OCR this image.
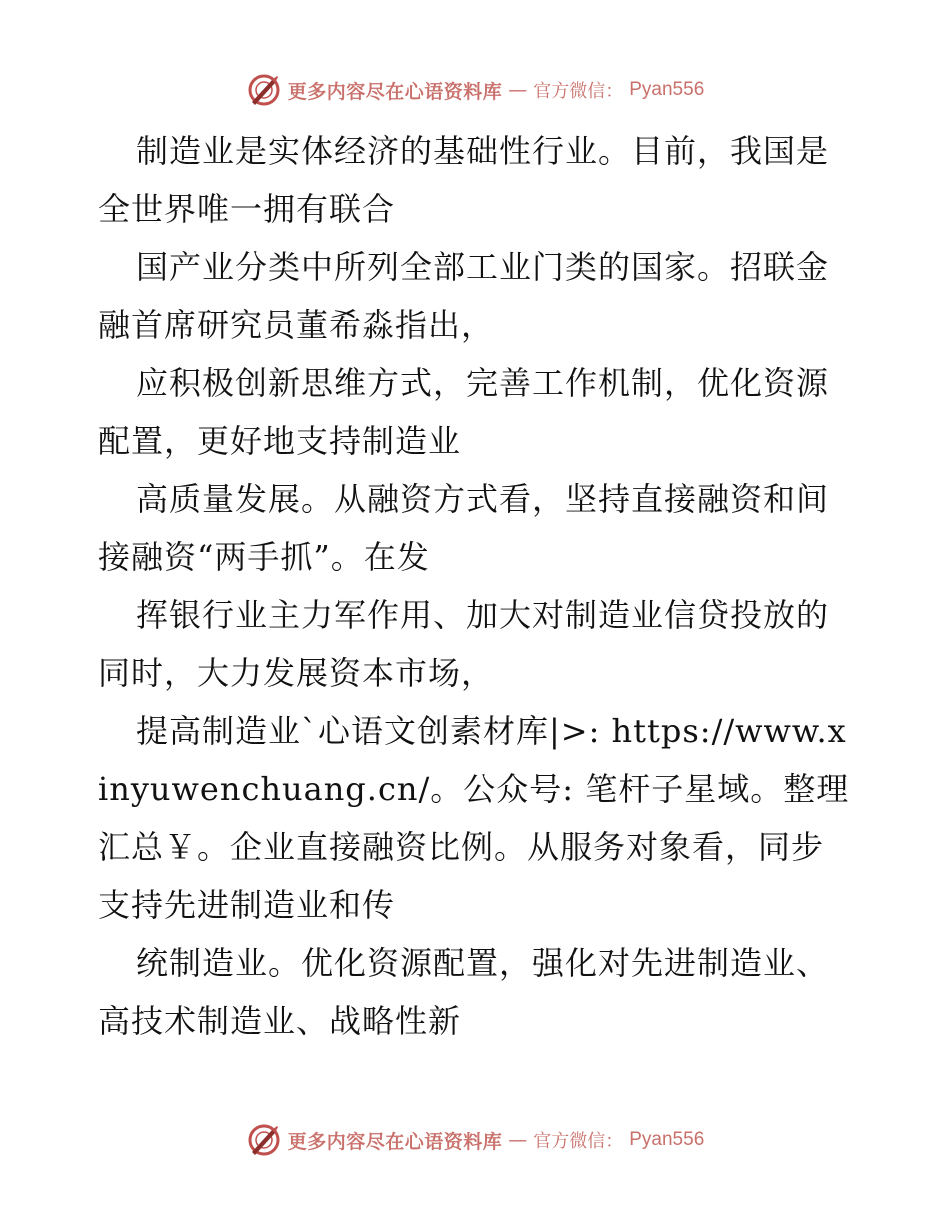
更多内容尽在心语资料库 — 官方微信： Pyan556

制造业是实体经济的基础性行业。目前，我国是全世界唯一拥有联合

国产业分类中所列全部工业门类的国家。招联金融首席研究员董希淼指出，

应积极创新思维方式，完善工作机制，优化资源配置，更好地支持制造业

高质量发展。从融资方式看，坚持直接融资和间接融资“两手抓”。在发

挥银行业主力军作用、加大对制造业信贷投放的同时，大力发展资本市场，

提高制造业`心语文创素材库|>: https://www.xinyuwenchuang.cn/。公众号: 笔杆子星域。整理汇总￥。企业直接融资比例。从服务对象看，同步支持先进制造业和传

统制造业。优化资源配置，强化对先进制造业、高技术制造业、战略性新

更多内容尽在心语资料库 — 官方微信： Pyan556
